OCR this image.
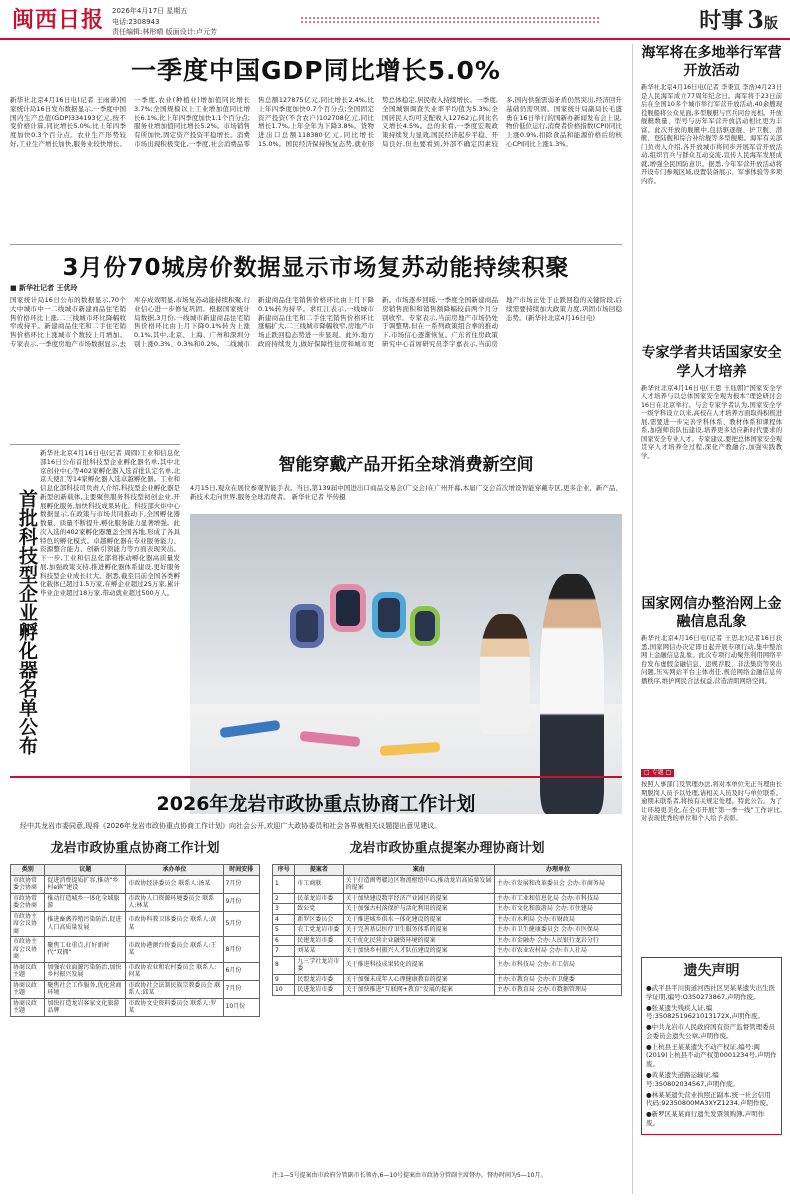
闽西日报 2026年4月17日 星期五
电话:2308943
责任编辑:林彤晴 版面设计:卢元芳	时事 3版
一季度中国GDP同比增长5.0%
新华社北京4月16日电(记者 王雨萧)国家统计局16日发布数据显示,一季度中国国内生产总值(GDP)334193亿元,按不变价格计算,同比增长5.0%,比上年四季度加快0.3个百分点。农业生产形势较好,工业生产增长加快,服务业较快增长。一季度,农业(种植业)增加值同比增长3.7%;全国规模以上工业增加值同比增长6.1%,比上年四季度加快1.1个百分点;服务业增加值同比增长5.2%。市场销售有所加快,固定资产投资平稳增长。消费市场出现积极变化,一季度,社会消费品零售总额127875亿元,同比增长2.4%,比上年四季度加快0.7个百分点;全国固定资产投资(不含农户)102708亿元,同比增长1.7%,上年全年为下降3.8%。货物进出口总额118380亿元,同比增长15.0%。国民经济保持恢复态势,就业形势总体稳定,居民收入持续增长。一季度,全国城镇调查失业率平均值为5.3%;全国居民人均可支配收入12762元,同比名义增长4.5%。总的来看,一季度宏观政策持续发力显效,国民经济起步平稳、开局良好,但也要看到,外部不确定因素较多,国内供强需弱矛盾仍然突出,经济回升基础仍需巩固。国家统计局副局长毛盛勇在16日举行的国新办新闻发布会上说,物价低位运行,消费者价格指数(CPI)同比上涨0.9%,扣除食品和能源价格后的核心CPI同比上涨1.3%。
3月份70城房价数据显示市场复苏动能持续积聚
■ 新华社记者 王优玲
国家统计局16日公布的数据显示,70个大中城市中一二线城市新建商品住宅销售价格环比上涨,二三线城市环比降幅收窄或持平。新建商品住宅和二手住宅销售价格环比上涨城市个数较上月增加。专家表示,一季度房地产市场数据显示,去库存成效明显,市场复苏动能持续积聚,行业信心进一步修复巩固。根据国家统计局数据,3月份,一线城市新建商品住宅销售价格环比由上月下降0.1%转为上涨0.1%,其中,北京、上海、广州和深圳分别上涨0.3%、0.3%和0.2%。二线城市新建商品住宅销售价格环比由上月下降0.1%转为持平。求红江表示,一线城市新建商品住宅和二手住宅销售价格环比涨幅扩大,二三线城市降幅收窄,房地产市场止跌回稳态势进一步显现。此外,地方政府持续发力,做好保障性住房和城市更新。市场逐步回暖,一季度全国新建商品房销售面积和销售额降幅较前两个月分别收窄。专家表示,当前房地产市场仍处于调整期,但在一系列政策组合拳的推动下,市场信心逐渐恢复。广东省住房政策研究中心首席研究员李宇嘉表示,当前房地产市场正处于止跌回稳的关键阶段,后续需要持续加大政策力度,巩固市场回稳态势。(新华社北京4月16日电)
首批科技型企业孵化器名单公布
新华社北京4月16日电(记者 周圆)工业和信息化部16日公布首批科技型企业孵化器名单,其中北京创业中心等402家孵化器入选首批认定名单,北京天使汇等14家孵化器入选卓越孵化器。工业和信息化部科技司负责人介绍,科技型企业孵化器是新型创新载体,主要聚焦服务科技型初创企业,开展孵化服务,加快科技成果转化。科技部火炬中心数据显示,在政策与市场共同推动下,全国孵化器数量、质量不断提升,孵化服务能力显著增强。此次入选的402家孵化器覆盖全国各地,形成了各具特色的孵化模式。卓越孵化器在专业服务能力、资源整合能力、创新引领能力等方面表现突出。下一步,工业和信息化部将推动孵化器高质量发展,加强政策支持,推进孵化器体系建设,更好服务科技型企业成长壮大。据悉,截至目前全国各类孵化载体已超过1.5万家,在孵企业超过25万家,累计毕业企业超过18万家,带动就业超过500万人。
智能穿戴产品开拓全球消费新空间
4月15日,观众在展位参观智能手表。当日,第139届中国进出口商品交易会(广交会)在广州开幕,本届广交会首次增设智能穿戴专区,更多企业、新产品、新技术走向世界,服务全球消费者。 新华社记者 毕传摄
2026年龙岩市政协重点协商工作计划
经中共龙岩市委同意,现将《2026年龙岩市政协重点协商工作计划》向社会公开,欢迎广大政协委员和社会各界就相关议题提出意见建议。
龙岩市政协重点协商工作计划
类别	议题	承办单位	时间安排
市政协常委会协商	促进消费提质扩容,推动“乡村e镇”建设	市政协经济委员会 联系人:汤某	7月份
市政协常委会协商	推动打造城乡一体化全域旅游	市政协人口资源环境委员会 联系人:林某	9月份
市政协主席会议协商	推进畜禽养殖污染防治,促进人口高质量发展	市政协科教卫体委员会 联系人:黄某	5月份
市政协主席会议协商	聚焦工业重点,打好新时代“双拥”	市政协港澳台侨委员会 联系人:王某	8月份
协商议政主题	加强农业面源污染防治,加快乡村振兴发展	市政协农业和农村委员会 联系人:何某	6月份
协商议政主题	聚焦社会工作服务,优化营商环境	市政协社会法制民族宗教委员会 联系人:邱某	7月份
协商议政主题	加快打造龙岩客家文化旅游品牌	市政协文史资料委员会 联系人:罗某	10月份
龙岩市政协重点提案办理协商计划
序号	提案者	案由	办理单位
1	市工商联	关于打造闽粤赣边区物流枢纽中心,推动龙岩高质量发展的提案	主办:市发展和改革委员会 会办:市商务局
2	民革龙岩市委	关于加快建设数字经济产业园区的提案	主办:市工业和信息化局 会办:市科技局
3	致公党	关于加强古村落保护与活化利用的提案	主办:市文化和旅游局 会办:市住建局
4	新罗区委员会	关于推进城乡供水一体化建设的提案	主办:市水利局 会办:市财政局
5	农工党龙岩市委	关于完善基层医疗卫生服务体系的提案	主办:市卫生健康委员会 会办:市医保局
6	民建龙岩市委	关于优化民营企业融资环境的提案	主办:市金融办 会办:人民银行龙岩分行
7	刘某某	关于加快乡村振兴人才队伍建设的提案	主办:市农业农村局 会办:市人社局
8	九三学社龙岩市委	关于推进科技成果转化的提案	主办:市科技局 会办:市工信局
9	民盟龙岩市委	关于加强未成年人心理健康教育的提案	主办:市教育局 会办:市卫健委
10	民进龙岩市委	关于加快推进“互联网+教育”发展的提案	主办:市教育局 会办:市数据管理局
注:1—5号提案由市政府分管副市长领办,6—10号提案由市政协分管副主席督办。督办时间为5—10月。
海军将在多地举行军营开放活动
新华社北京4月16日电(记者 李秉宣 李浩)4月23日是人民海军成立77周年纪念日。海军将于23日前后在全国10多个城市举行军营开放活动,40余艘现役舰船将公众见面,多型舰艇与官兵同台亮相。开放舰艇数量、型号与历年军营开放活动相比更为丰富。此次开放的舰艇中,包括驱逐舰、护卫舰、潜艇、登陆舰和综合补给舰等多型舰艇。海军有关部门负责人介绍,各开放城市将同步开展军营开放活动,组织官兵与群众互动交流,宣传人民海军发展成就,增强全民国防意识。据悉,今年军营开放活动将开设专门参观区域,设置装备展示、军事体验等多项内容。
专家学者共话国家安全学人才培养
新华社北京4月16日电(王恩 王钰朝)“国家安全学人才培养与以总体国家安全观为根本”理论研讨会16日在北京举行。与会专家学者认为,国家安全学一级学科设立以来,高校在人才培养方面取得积极进展,需要进一步完善学科体系、教材体系和课程体系,加强师资队伍建设,培养更多适应新时代要求的国家安全专业人才。专家建议,要把总体国家安全观贯穿人才培养全过程,深化产教融合,加强实践教学。
国家网信办整治网上金融信息乱象
新华社北京4月16日电(记者 王思北)记者16日获悉,国家网信办决定即日起开展专项行动,集中整治网上金融信息乱象。此次专项行动聚焦利用网络平台发布虚假金融信息、违规荐股、非法集资等突出问题,压实网站平台主体责任,规范网络金融信息传播秩序,维护网民合法权益,营造清朗网络空间。
□ 专题 □
按照人事部门及管理办法,将对本单位无正当理由长期脱岗人员予以处理,请相关人员及时与单位联系。逾期未联系者,将按有关规定处理。特此公告。为了让环境更美化,在全市开展“第一季一线”工作评比,对表现优秀的单位和个人给予表彰。
遗失声明
●武平县平川街道河西社区吴某某遗失出生医学证明,编号:O350273867,声明作废。
●张某遗失残疾人证,编号:35082519621013172X,声明作废。
●中共龙岩市人民政府国有资产监督管理委员会委员会遗失公章,声明作废。
●上杭县王某某遗失不动产权证,编号:闽(2019)上杭县不动产权第0001234号,声明作废。
●黄某遗失道路运输证,编号:350802034567,声明作废。
●林某某遗失营业执照正副本,统一社会信用代码:92350800MA3XYZ1234,声明作废。
●新罗区某某商行遗失发票领购簿,声明作废。
